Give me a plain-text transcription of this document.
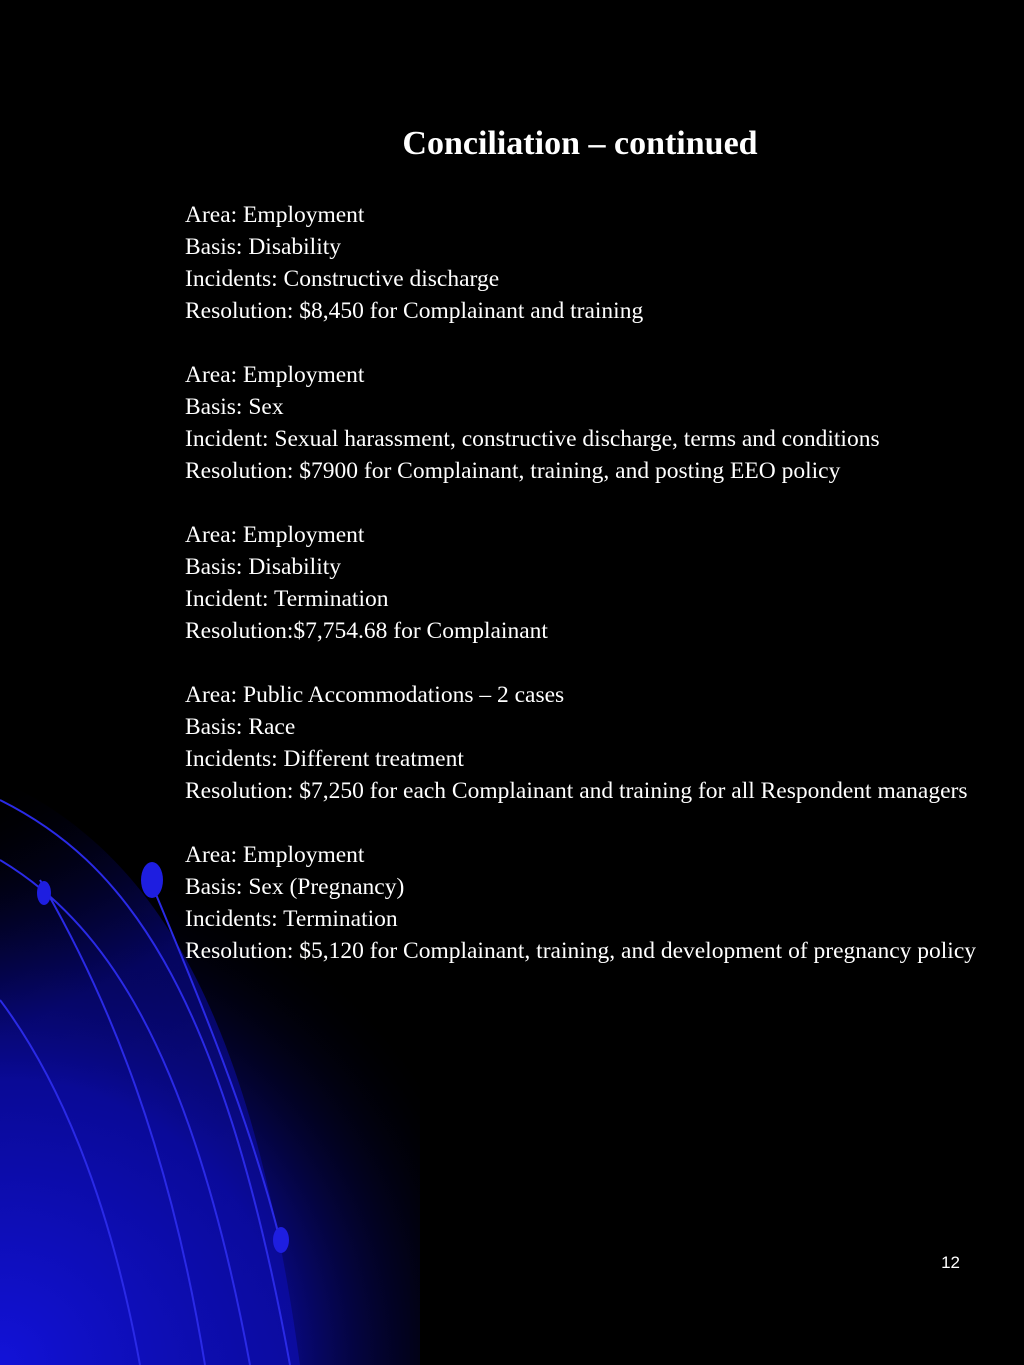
Conciliation – continued
Area: Employment
Basis: Disability
Incidents: Constructive discharge
Resolution: $8,450 for Complainant and training
Area: Employment
Basis: Sex
Incident: Sexual harassment, constructive discharge, terms and conditions
Resolution: $7900 for Complainant, training, and posting EEO policy
Area: Employment
Basis: Disability
Incident: Termination
Resolution:$7,754.68 for Complainant
Area: Public Accommodations – 2 cases
Basis: Race
Incidents: Different treatment
Resolution: $7,250 for each Complainant and training for all Respondent managers
Area: Employment
Basis: Sex (Pregnancy)
Incidents: Termination
Resolution: $5,120 for Complainant, training, and development of pregnancy policy
12
